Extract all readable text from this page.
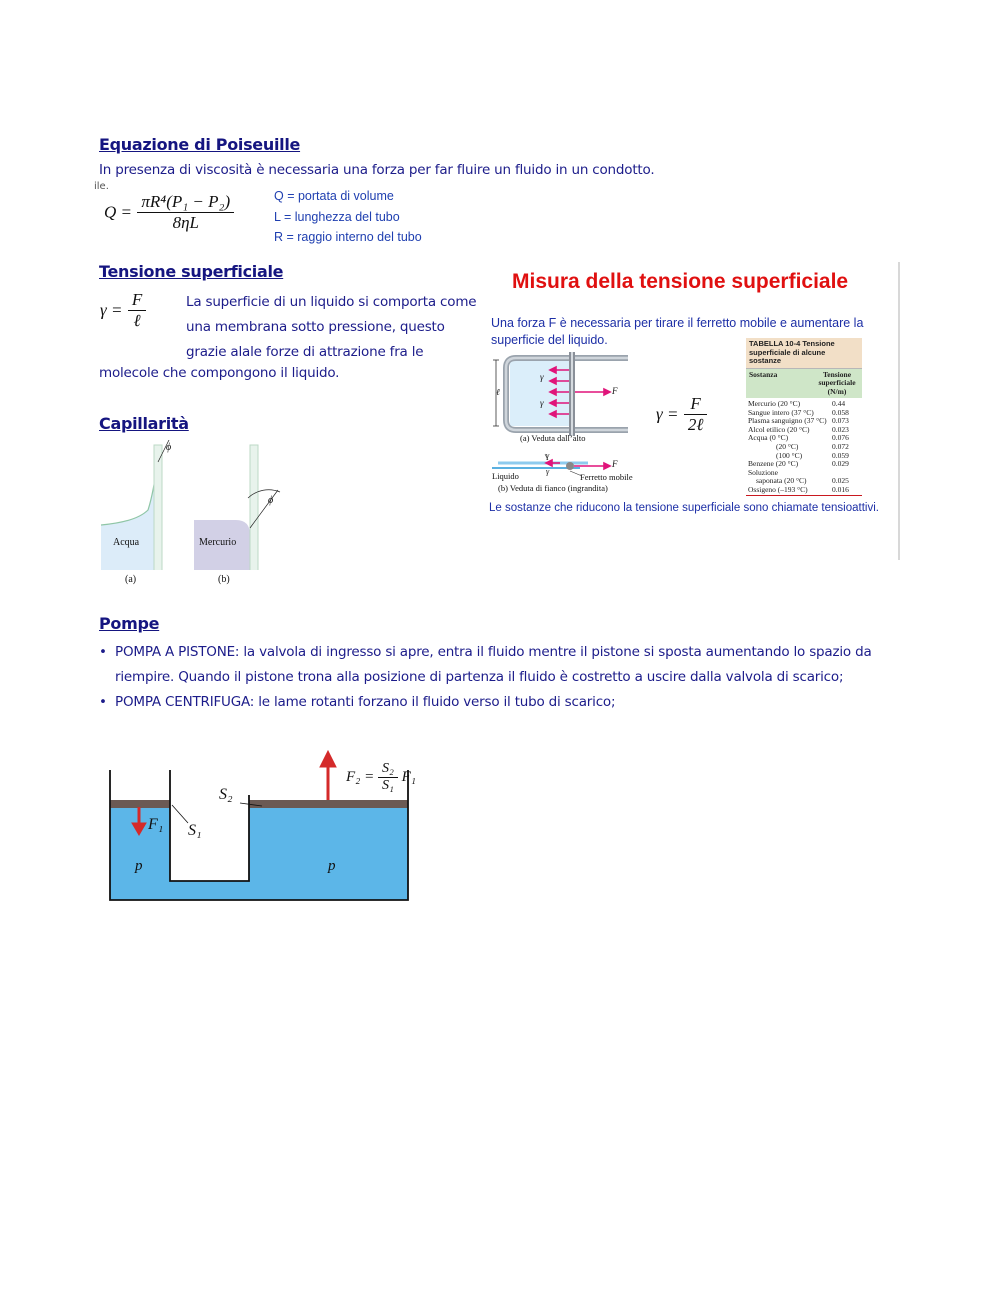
Equazione di Poiseuille
In presenza di viscosità è necessaria una forza per far fluire un fluido in un condotto.
ile.
$Q = \frac{\text{πR⁴(P₁ − P₂)}}{8\eta L}$	Q = portata di volume
L = lunghezza del tubo
R = raggio interno del tubo
Tensione superficiale
$\gamma = \frac{F}{\text{ℓ}}$	La superficie di un liquido si comporta come
una membrana sotto pressione, questo
grazie alale forze di attrazione fra le
molecole che compongono il liquido.
Misura della tensione superficiale
Una forza F è necessaria per tirare il ferretto mobile e aumentare la superficie del liquido.
γ
γ
F
ℓ
(a) Veduta dall’alto
γ
γ
F
Liquido	Ferretto mobile
(b) Veduta di fianco (ingrandita)
$\gamma = \frac{F}{\text{2ℓ}}$
TABELLA 10-4 Tensione superficiale di alcune sostanze
Sostanza	Tensione superficiale (N/m)
Mercurio (20 °C)	0.44
Sangue intero (37 °C)	0.058
Plasma sanguigno (37 °C)	0.073
Alcol etilico (20 °C)	0.023
Acqua (0 °C)	0.076
(20 °C)	0.072
(100 °C)	0.059
Benzene (20 °C)	0.029
Soluzione	
saponata (20 °C)	0.025
Ossigeno (–193 °C)	0.016
Le sostanze che riducono la tensione superficiale sono chiamate tensioattivi.
Capillarità
Acqua	Mercurio
ϕ
ϕ
(a)	(b)
Pompe
• POMPA A PISTONE: la valvola di ingresso si apre, entra il fluido mentre il pistone si sposta aumentando lo spazio da riempire. Quando il pistone trona alla posizione di partenza il fluido è costretto a uscire dalla valvola di scarico;
• POMPA CENTRIFUGA: le lame rotanti forzano il fluido verso il tubo di scarico;
$F_2 = \frac{\text{S₂}}{\text{S₁}} F_1$
S₂
S₁
F₁
p	p
